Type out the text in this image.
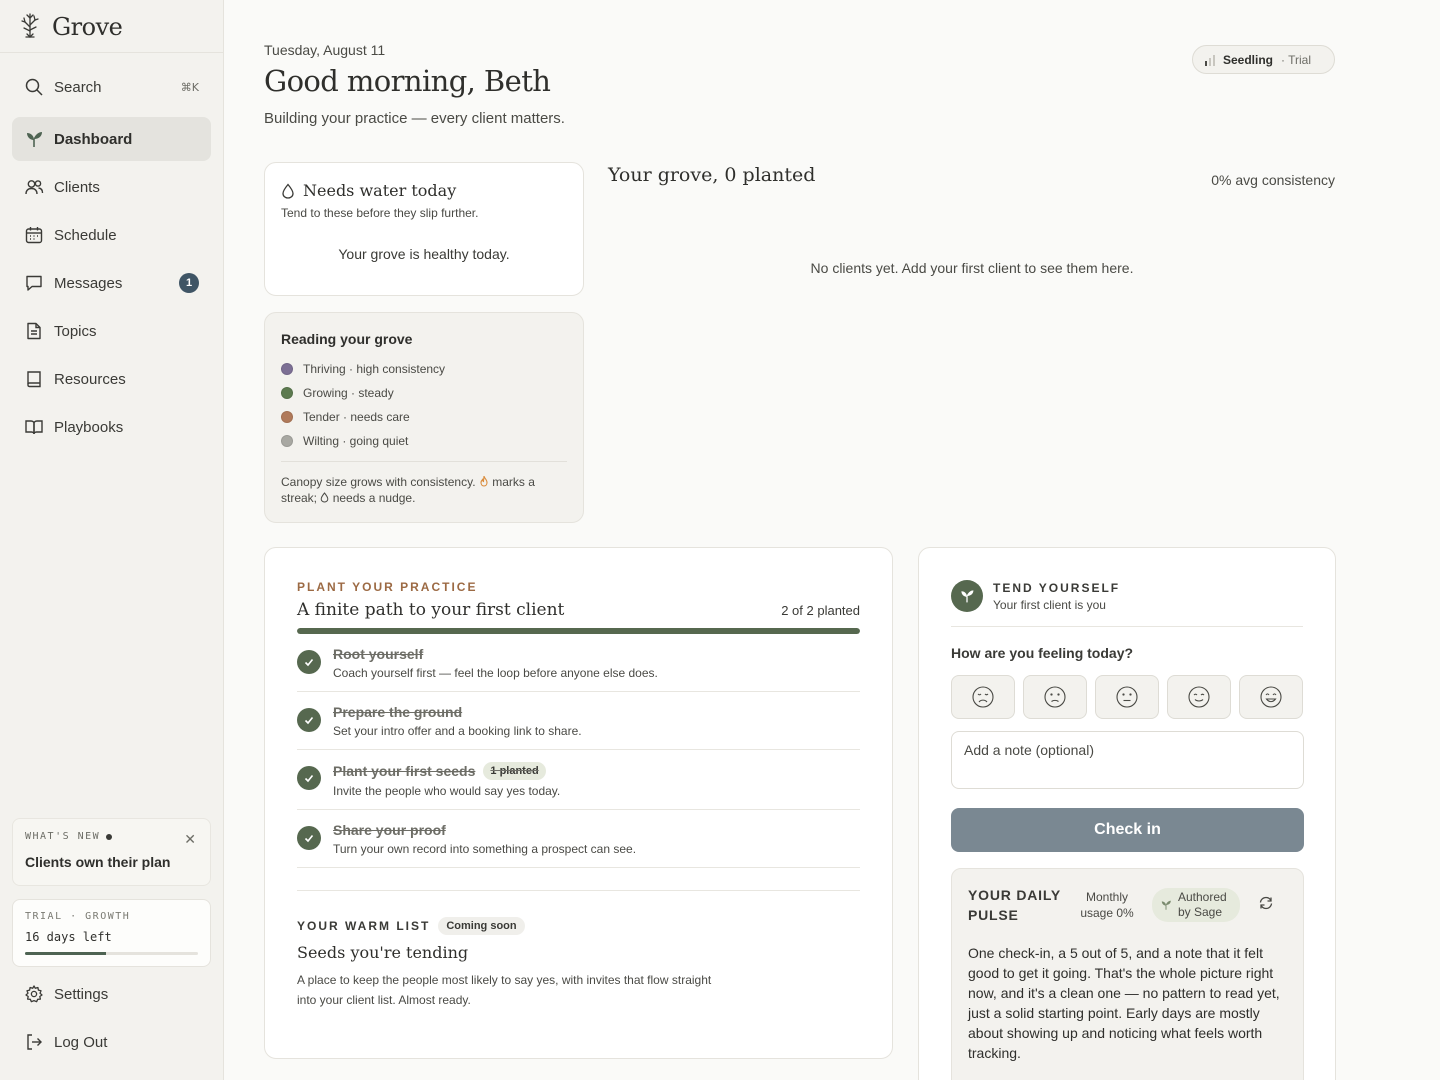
Grove
Search	⌘K
Dashboard
Clients
Schedule
Messages	1
Topics
Resources
Playbooks
WHAT'S NEW
Clients own their plan
✕
TRIAL · GROWTH
16 days left
Settings
Log Out
Tuesday, August 11
Good morning, Beth
Building your practice — every client matters.
Seedling · Trial
Needs water today
Tend to these before they slip further.
Your grove is healthy today.
Reading your grove
Thriving · high consistency
Growing · steady
Tender · needs care
Wilting · going quiet
Canopy size grows with consistency. marks a streak; needs a nudge.
Your grove, 0 planted	0% avg consistency
No clients yet. Add your first client to see them here.
PLANT YOUR PRACTICE
A finite path to your first client	2 of 2 planted
Root yourself
Coach yourself first — feel the loop before anyone else does.
Prepare the ground
Set your intro offer and a booking link to share.
Plant your first seeds	1 planted
Invite the people who would say yes today.
Share your proof
Turn your own record into something a prospect can see.
YOUR WARM LIST	Coming soon
Seeds you're tending
A place to keep the people most likely to say yes, with invites that flow straight into your client list. Almost ready.
TEND YOURSELF
Your first client is you
How are you feeling today?
Add a note (optional) Check in
YOUR DAILY PULSE
Monthly usage 0%
Authored by Sage
One check-in, a 5 out of 5, and a note that it felt good to get it going. That's the whole picture right now, and it's a clean one — no pattern to read yet, just a solid starting point. Early days are mostly about showing up and noticing what feels worth tracking.
